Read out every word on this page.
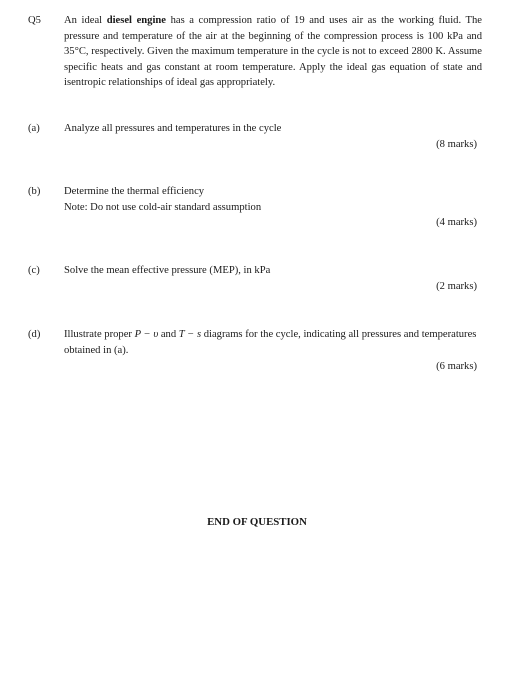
Q5 An ideal diesel engine has a compression ratio of 19 and uses air as the working fluid. The pressure and temperature of the air at the beginning of the compression process is 100 kPa and 35°C, respectively. Given the maximum temperature in the cycle is not to exceed 2800 K. Assume specific heats and gas constant at room temperature. Apply the ideal gas equation of state and isentropic relationships of ideal gas appropriately.
(a) Analyze all pressures and temperatures in the cycle
(8 marks)
(b) Determine the thermal efficiency
Note: Do not use cold-air standard assumption
(4 marks)
(c) Solve the mean effective pressure (MEP), in kPa
(2 marks)
(d) Illustrate proper P − υ and T − s diagrams for the cycle, indicating all pressures and temperatures obtained in (a).
(6 marks)
END OF QUESTION
